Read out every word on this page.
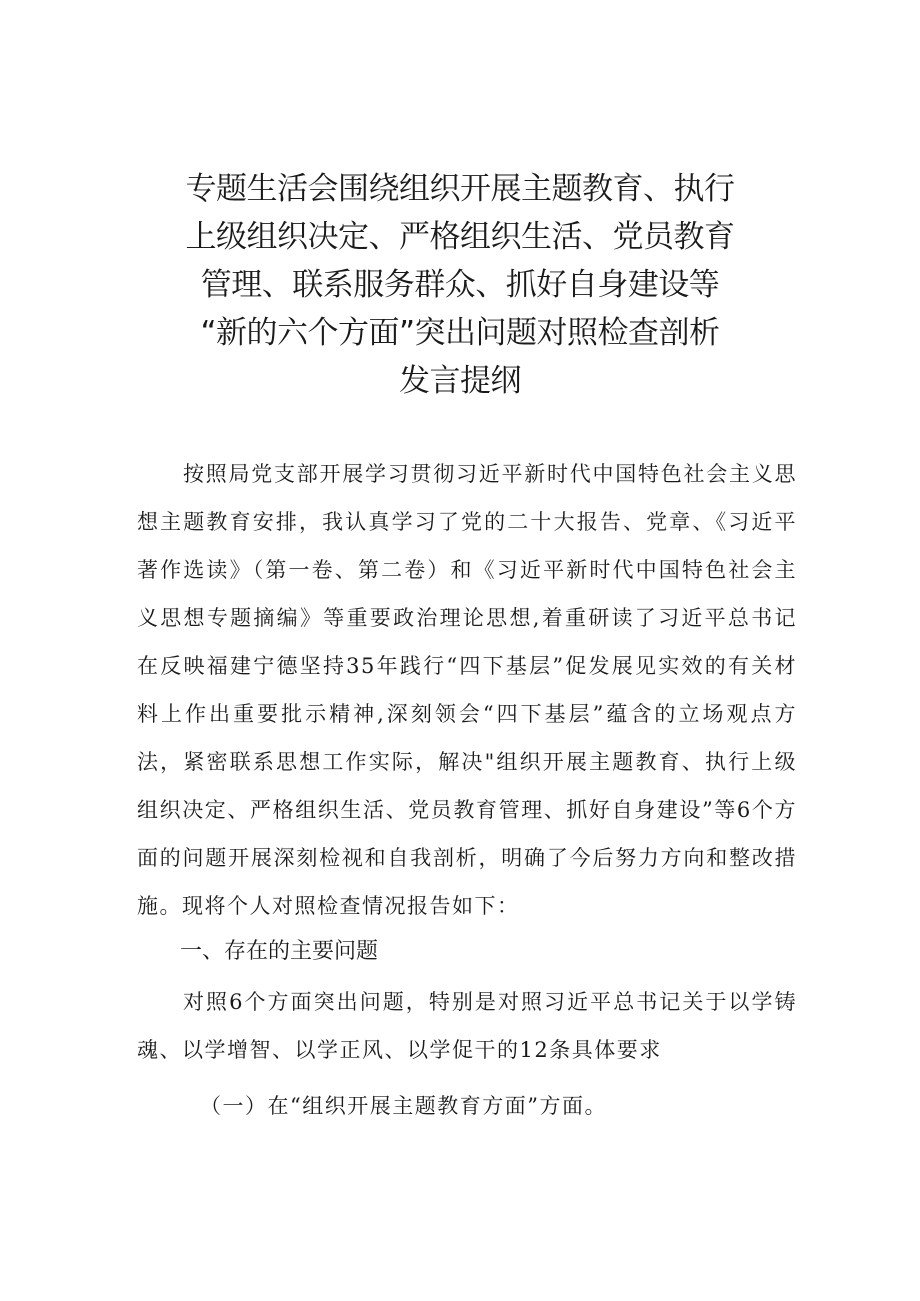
专题生活会围绕组织开展主题教育、执行
上级组织决定、严格组织生活、党员教育
管理、联系服务群众、抓好自身建设等
“新的六个方面”突出问题对照检查剖析
发言提纲

按照局党支部开展学习贯彻习近平新时代中国特色社会主义思想主题教育安排，我认真学习了党的二十大报告、党章、《习近平著作选读》（第一卷、第二卷）和《习近平新时代中国特色社会主义思想专题摘编》等重要政治理论思想,着重研读了习近平总书记在反映福建宁德坚持35年践行“四下基层”促发展见实效的有关材料上作出重要批示精神,深刻领会“四下基层”蕴含的立场观点方法，紧密联系思想工作实际，解决"组织开展主题教育、执行上级组织决定、严格组织生活、党员教育管理、抓好自身建设”等6个方面的问题开展深刻检视和自我剖析，明确了今后努力方向和整改措施。现将个人对照检查情况报告如下：

一、存在的主要问题

对照6个方面突出问题，特别是对照习近平总书记关于以学铸魂、以学增智、以学正风、以学促干的12条具体要求

（一）在“组织开展主题教育方面”方面。
